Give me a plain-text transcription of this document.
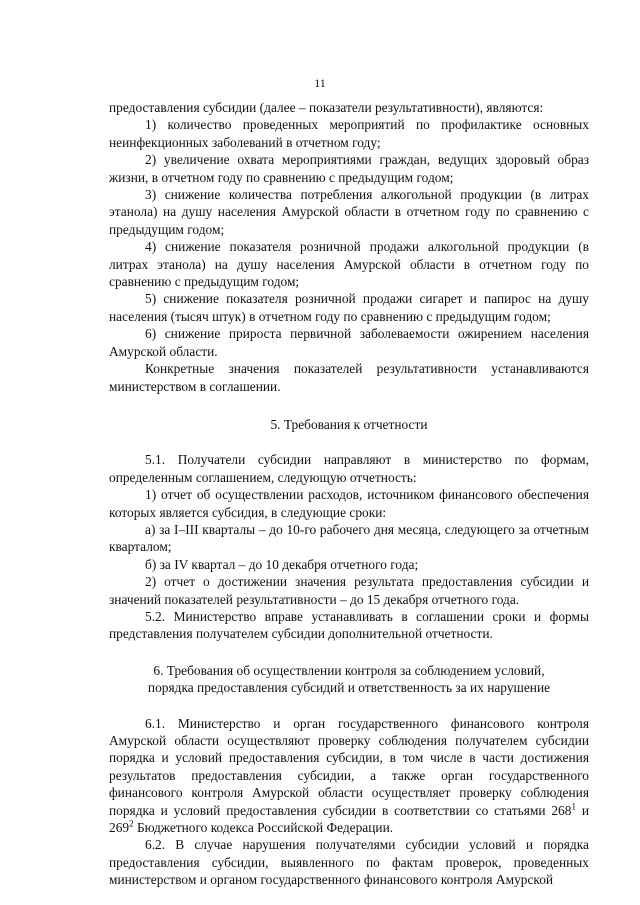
11

предоставления субсидии (далее – показатели результативности), являются:

1) количество проведенных мероприятий по профилактике основных неинфекционных заболеваний в отчетном году;

2) увеличение охвата мероприятиями граждан, ведущих здоровый образ жизни, в отчетном году по сравнению с предыдущим годом;

3) снижение количества потребления алкогольной продукции (в литрах этанола) на душу населения Амурской области в отчетном году по сравнению с предыдущим годом;

4) снижение показателя розничной продажи алкогольной продукции (в литрах этанола) на душу населения Амурской области в отчетном году по сравнению с предыдущим годом;

5) снижение показателя розничной продажи сигарет и папирос на душу населения (тысяч штук) в отчетном году по сравнению с предыдущим годом;

6) снижение прироста первичной заболеваемости ожирением населения Амурской области.

Конкретные значения показателей результативности устанавливаются министерством в соглашении.

5. Требования к отчетности

5.1. Получатели субсидии направляют в министерство по формам, определенным соглашением, следующую отчетность:

1) отчет об осуществлении расходов, источником финансового обеспечения которых является субсидия, в следующие сроки:

а) за I–III кварталы – до 10-го рабочего дня месяца, следующего за отчетным кварталом;

б) за IV квартал – до 10 декабря отчетного года;

2) отчет о достижении значения результата предоставления субсидии и значений показателей результативности – до 15 декабря отчетного года.

5.2. Министерство вправе устанавливать в соглашении сроки и формы представления получателем субсидии дополнительной отчетности.

6. Требования об осуществлении контроля за соблюдением условий,

порядка предоставления субсидий и ответственность за их нарушение

6.1. Министерство и орган государственного финансового контроля Амурской области осуществляют проверку соблюдения получателем субсидии порядка и условий предоставления субсидии, в том числе в части достижения результатов предоставления субсидии, а также орган государственного финансового контроля Амурской области осуществляет проверку соблюдения порядка и условий предоставления субсидии в соответствии со статьями $268^1$ и $269^2$ Бюджетного кодекса Российской Федерации.

6.2. В случае нарушения получателями субсидии условий и порядка предоставления субсидии, выявленного по фактам проверок, проведенных министерством и органом государственного финансового контроля Амурской
